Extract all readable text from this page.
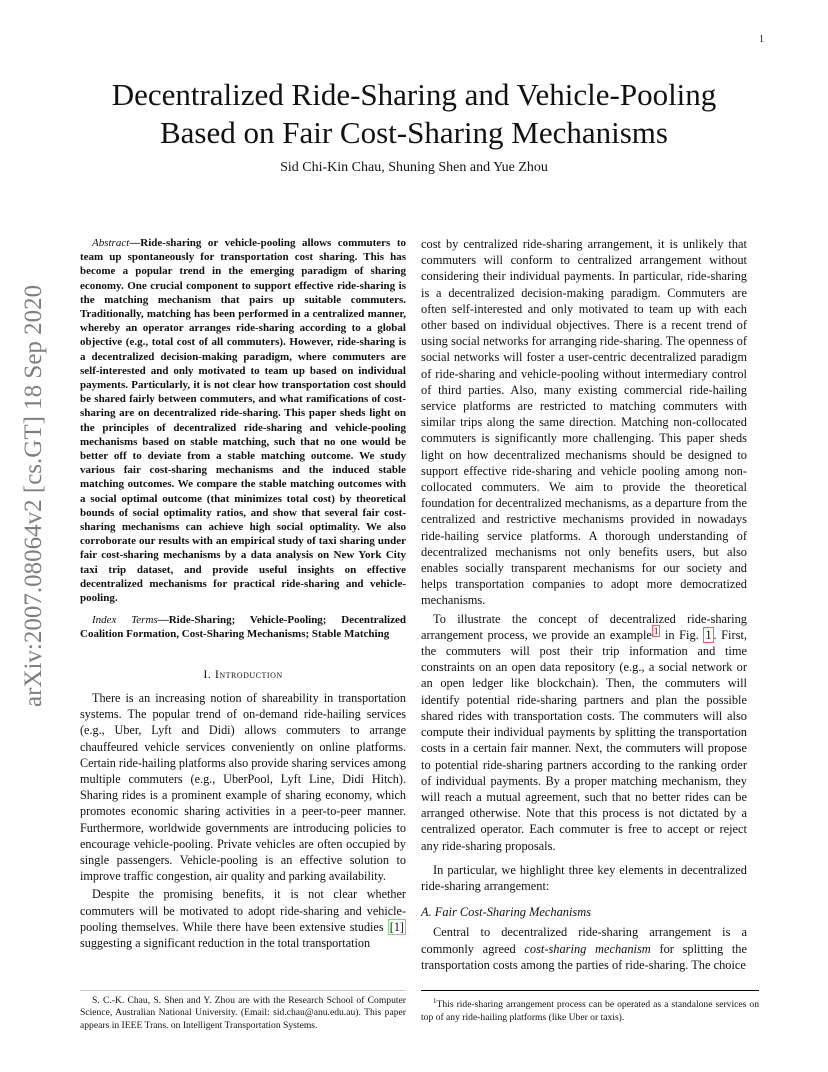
1
arXiv:2007.08064v2 [cs.GT] 18 Sep 2020
Decentralized Ride-Sharing and Vehicle-Pooling Based on Fair Cost-Sharing Mechanisms
Sid Chi-Kin Chau, Shuning Shen and Yue Zhou

Abstract—Ride-sharing or vehicle-pooling allows commuters to team up spontaneously for transportation cost sharing. This has become a popular trend in the emerging paradigm of sharing economy. One crucial component to support effective ride-sharing is the matching mechanism that pairs up suitable commuters. Traditionally, matching has been performed in a centralized manner, whereby an operator arranges ride-sharing according to a global objective (e.g., total cost of all commuters). However, ride-sharing is a decentralized decision-making paradigm, where commuters are self-interested and only motivated to team up based on individual payments. Particularly, it is not clear how transportation cost should be shared fairly between commuters, and what ramifications of cost-sharing are on decentralized ride-sharing. This paper sheds light on the principles of decentralized ride-sharing and vehicle-pooling mechanisms based on stable matching, such that no one would be better off to deviate from a stable matching outcome. We study various fair cost-sharing mechanisms and the induced stable matching outcomes. We compare the stable matching outcomes with a social optimal outcome (that minimizes total cost) by theoretical bounds of social optimality ratios, and show that several fair cost-sharing mechanisms can achieve high social optimality. We also corroborate our results with an empirical study of taxi sharing under fair cost-sharing mechanisms by a data analysis on New York City taxi trip dataset, and provide useful insights on effective decentralized mechanisms for practical ride-sharing and vehicle-pooling.

Index Terms—Ride-Sharing; Vehicle-Pooling; Decentralized Coalition Formation, Cost-Sharing Mechanisms; Stable Matching

I. Introduction

There is an increasing notion of shareability in transportation systems. The popular trend of on-demand ride-hailing services (e.g., Uber, Lyft and Didi) allows commuters to arrange chauffeured vehicle services conveniently on online platforms. Certain ride-hailing platforms also provide sharing services among multiple commuters (e.g., UberPool, Lyft Line, Didi Hitch). Sharing rides is a prominent example of sharing economy, which promotes economic sharing activities in a peer-to-peer manner. Furthermore, worldwide governments are introducing policies to encourage vehicle-pooling. Private vehicles are often occupied by single passengers. Vehicle-pooling is an effective solution to improve traffic congestion, air quality and parking availability.

Despite the promising benefits, it is not clear whether commuters will be motivated to adopt ride-sharing and vehicle-pooling themselves. While there have been extensive studies [1] suggesting a significant reduction in the total transportation

cost by centralized ride-sharing arrangement, it is unlikely that commuters will conform to centralized arrangement without considering their individual payments. In particular, ride-sharing is a decentralized decision-making paradigm. Commuters are often self-interested and only motivated to team up with each other based on individual objectives. There is a recent trend of using social networks for arranging ride-sharing. The openness of social networks will foster a user-centric decentralized paradigm of ride-sharing and vehicle-pooling without intermediary control of third parties. Also, many existing commercial ride-hailing service platforms are restricted to matching commuters with similar trips along the same direction. Matching non-collocated commuters is significantly more challenging. This paper sheds light on how decentralized mechanisms should be designed to support effective ride-sharing and vehicle pooling among non-collocated commuters. We aim to provide the theoretical foundation for decentralized mechanisms, as a departure from the centralized and restrictive mechanisms provided in nowadays ride-hailing service platforms. A thorough understanding of decentralized mechanisms not only benefits users, but also enables socially transparent mechanisms for our society and helps transportation companies to adopt more democratized mechanisms.

To illustrate the concept of decentralized ride-sharing arrangement process, we provide an example $^1$ in Fig. 1 . First, the commuters will post their trip information and time constraints on an open data repository (e.g., a social network or an open ledger like blockchain). Then, the commuters will identify potential ride-sharing partners and plan the possible shared rides with transportation costs. The commuters will also compute their individual payments by splitting the transportation costs in a certain fair manner. Next, the commuters will propose to potential ride-sharing partners according to the ranking order of individual payments. By a proper matching mechanism, they will reach a mutual agreement, such that no better rides can be arranged otherwise. Note that this process is not dictated by a centralized operator. Each commuter is free to accept or reject any ride-sharing proposals.

In particular, we highlight three key elements in decentralized ride-sharing arrangement:

A. Fair Cost-Sharing Mechanisms

Central to decentralized ride-sharing arrangement is a commonly agreed cost-sharing mechanism for splitting the transportation costs among the parties of ride-sharing. The choice

S. C.-K. Chau, S. Shen and Y. Zhou are with the Research School of Computer Science, Australian National University. (Email: sid.chau@anu.edu.au). This paper appears in IEEE Trans. on Intelligent Transportation Systems.

$^1$This ride-sharing arrangement process can be operated as a standalone services on top of any ride-hailing platforms (like Uber or taxis).
